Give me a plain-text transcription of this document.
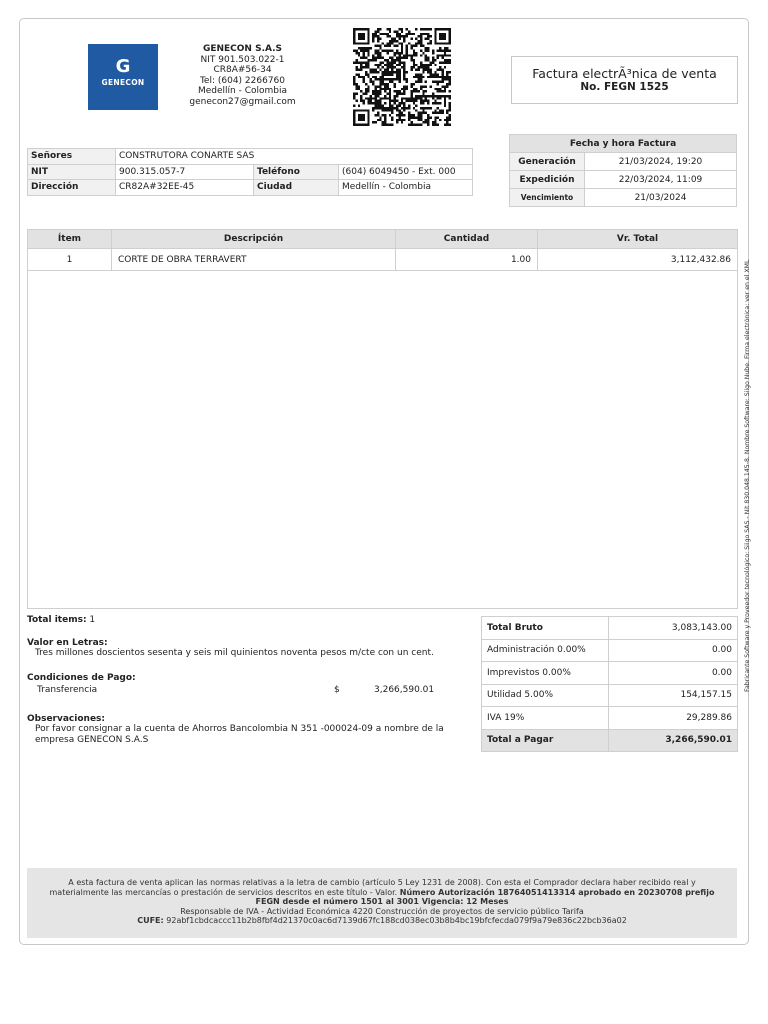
𝗚
GENECON
GENECON S.A.S
NIT 901.503.022-1
CR8A#56-34
Tel: (604) 2266760
Medellín - Colombia
genecon27@gmail.com
Factura electrÃ³nica de venta
No. FEGN 1525
Señores	CONSTRUTORA CONARTE SAS		
NIT	900.315.057-7	Teléfono	(604) 6049450 - Ext. 000
Dirección	CR82A#32EE-45	Ciudad	Medellín - Colombia
Fecha y hora Factura	
Generación	21/03/2024, 19:20
Expedición	22/03/2024, 11:09
Vencimiento	21/03/2024
Ítem	Descripción	Cantidad	Vr. Total
1	CORTE DE OBRA TERRAVERT	1.00	3,112,432.86
Fabricante Software y Proveedor tecnológico: Siigo SAS - Nit 830.048.145-8. Nombre Software: Siigo Nube. Firma electrónica: ver en el XML
Total items: 1
Valor en Letras:
Tres millones doscientos sesenta y seis mil quinientos noventa pesos m/cte con un cent.
Condiciones de Pago:
Transferencia	$	3,266,590.01
Observaciones:
Por favor consignar a la cuenta de Ahorros Bancolombia N 351 -000024-09 a nombre de la empresa GENECON S.A.S
Total Bruto	3,083,143.00
Administración 0.00%	0.00
Imprevistos 0.00%	0.00
Utilidad 5.00%	154,157.15
IVA 19%	29,289.86
Total a Pagar	3,266,590.01
A esta factura de venta aplican las normas relativas a la letra de cambio (artículo 5 Ley 1231 de 2008). Con esta el Comprador declara haber recibido real y materialmente las mercancías o prestación de servicios descritos en este título - Valor. Número Autorización 18764051413314 aprobado en 20230708 prefijo FEGN desde el número 1501 al 3001 Vigencia: 12 Meses
Responsable de IVA - Actividad Económica 4220 Construcción de proyectos de servicio público Tarifa
CUFE: 92abf1cbdcaccc11b2b8fbf4d21370c0ac6d7139d67fc188cd038ec03b8b4bc19bfcfecda079f9a79e836c22bcb36a02
